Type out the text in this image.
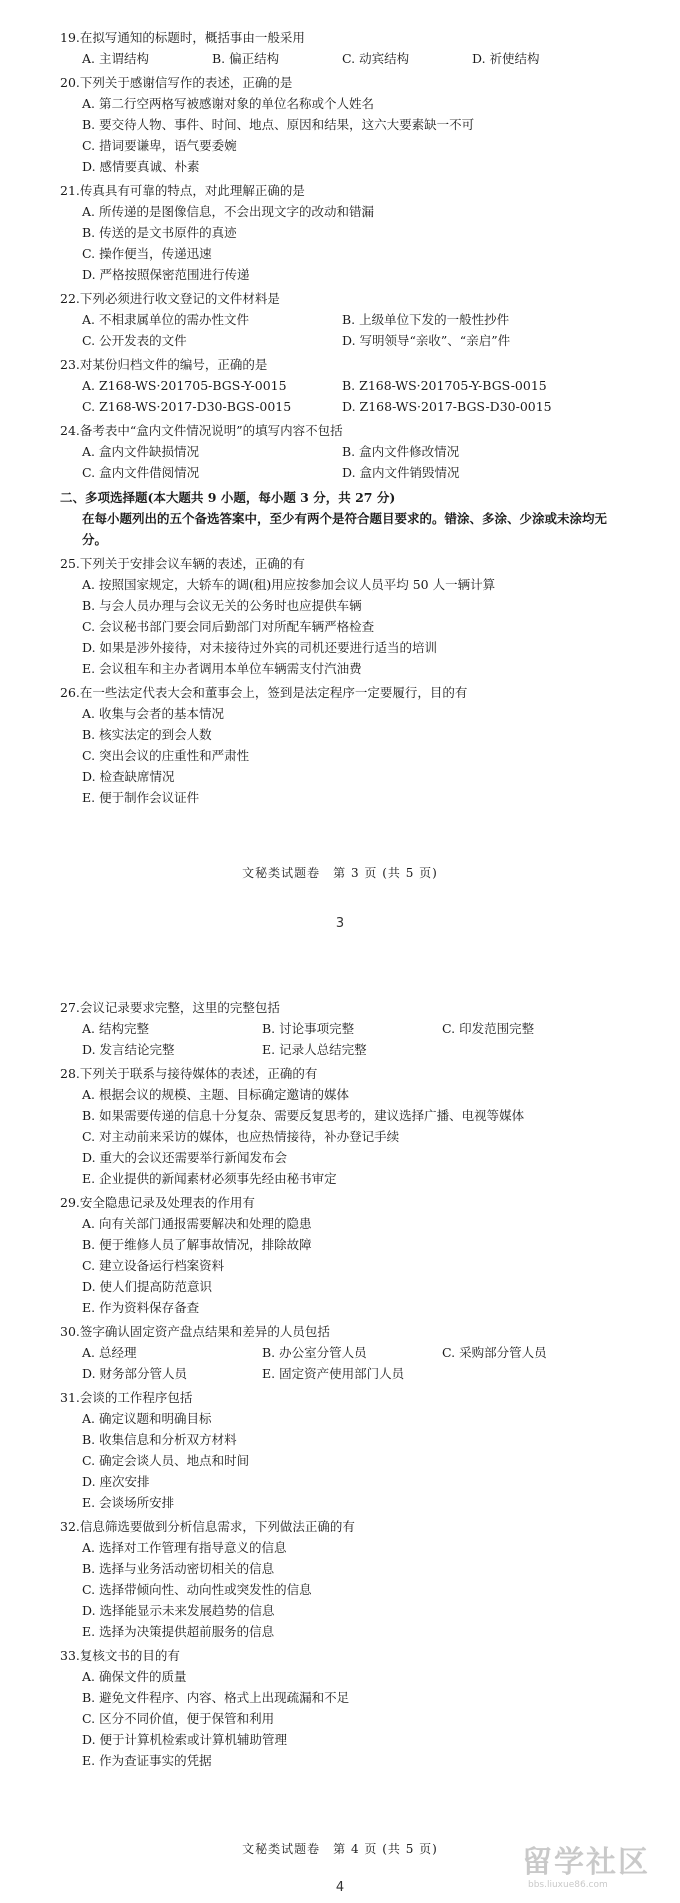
19.在拟写通知的标题时，概括事由一般采用
A. 主谓结构	B. 偏正结构	C. 动宾结构	D. 祈使结构
20.下列关于感谢信写作的表述，正确的是
A. 第二行空两格写被感谢对象的单位名称或个人姓名
B. 要交待人物、事件、时间、地点、原因和结果，这六大要素缺一不可
C. 措词要谦卑，语气要委婉
D. 感情要真诚、朴素
21.传真具有可靠的特点，对此理解正确的是
A. 所传递的是图像信息，不会出现文字的改动和错漏
B. 传送的是文书原件的真迹
C. 操作便当，传递迅速
D. 严格按照保密范围进行传递
22.下列必须进行收文登记的文件材料是
A. 不相隶属单位的需办性文件	B. 上级单位下发的一般性抄件
C. 公开发表的文件	D. 写明领导“亲收”、“亲启”件
23.对某份归档文件的编号，正确的是
A. Z168-WS·201705-BGS-Y-0015	B. Z168-WS·201705-Y-BGS-0015
C. Z168-WS·2017-D30-BGS-0015	D. Z168-WS·2017-BGS-D30-0015
24.备考表中“盒内文件情况说明”的填写内容不包括
A. 盒内文件缺损情况	B. 盒内文件修改情况
C. 盒内文件借阅情况	D. 盒内文件销毁情况
二、多项选择题(本大题共 9 小题，每小题 3 分，共 27 分)
在每小题列出的五个备选答案中，至少有两个是符合题目要求的。错涂、多涂、少涂或未涂均无分。
25.下列关于安排会议车辆的表述，正确的有
A. 按照国家规定，大轿车的调(租)用应按参加会议人员平均 50 人一辆计算
B. 与会人员办理与会议无关的公务时也应提供车辆
C. 会议秘书部门要会同后勤部门对所配车辆严格检查
D. 如果是涉外接待，对未接待过外宾的司机还要进行适当的培训
E. 会议租车和主办者调用本单位车辆需支付汽油费
26.在一些法定代表大会和董事会上，签到是法定程序一定要履行，目的有
A. 收集与会者的基本情况
B. 核实法定的到会人数
C. 突出会议的庄重性和严肃性
D. 检查缺席情况
E. 便于制作会议证件
文秘类试题卷　第 3 页 (共 5 页)
3
27.会议记录要求完整，这里的完整包括
A. 结构完整	B. 讨论事项完整	C. 印发范围完整
D. 发言结论完整	E. 记录人总结完整
28.下列关于联系与接待媒体的表述，正确的有
A. 根据会议的规模、主题、目标确定邀请的媒体
B. 如果需要传递的信息十分复杂、需要反复思考的，建议选择广播、电视等媒体
C. 对主动前来采访的媒体，也应热情接待，补办登记手续
D. 重大的会议还需要举行新闻发布会
E. 企业提供的新闻素材必须事先经由秘书审定
29.安全隐患记录及处理表的作用有
A. 向有关部门通报需要解决和处理的隐患
B. 便于维修人员了解事故情况，排除故障
C. 建立设备运行档案资料
D. 使人们提高防范意识
E. 作为资料保存备查
30.签字确认固定资产盘点结果和差异的人员包括
A. 总经理	B. 办公室分管人员	C. 采购部分管人员
D. 财务部分管人员	E. 固定资产使用部门人员
31.会谈的工作程序包括
A. 确定议题和明确目标
B. 收集信息和分析双方材料
C. 确定会谈人员、地点和时间
D. 座次安排
E. 会谈场所安排
32.信息筛选要做到分析信息需求，下列做法正确的有
A. 选择对工作管理有指导意义的信息
B. 选择与业务活动密切相关的信息
C. 选择带倾向性、动向性或突发性的信息
D. 选择能显示未来发展趋势的信息
E. 选择为决策提供超前服务的信息
33.复核文书的目的有
A. 确保文件的质量
B. 避免文件程序、内容、格式上出现疏漏和不足
C. 区分不同价值，便于保管和利用
D. 便于计算机检索或计算机辅助管理
E. 作为查证事实的凭据
文秘类试题卷　第 4 页 (共 5 页)
4
留学社区
bbs.liuxue86.com
